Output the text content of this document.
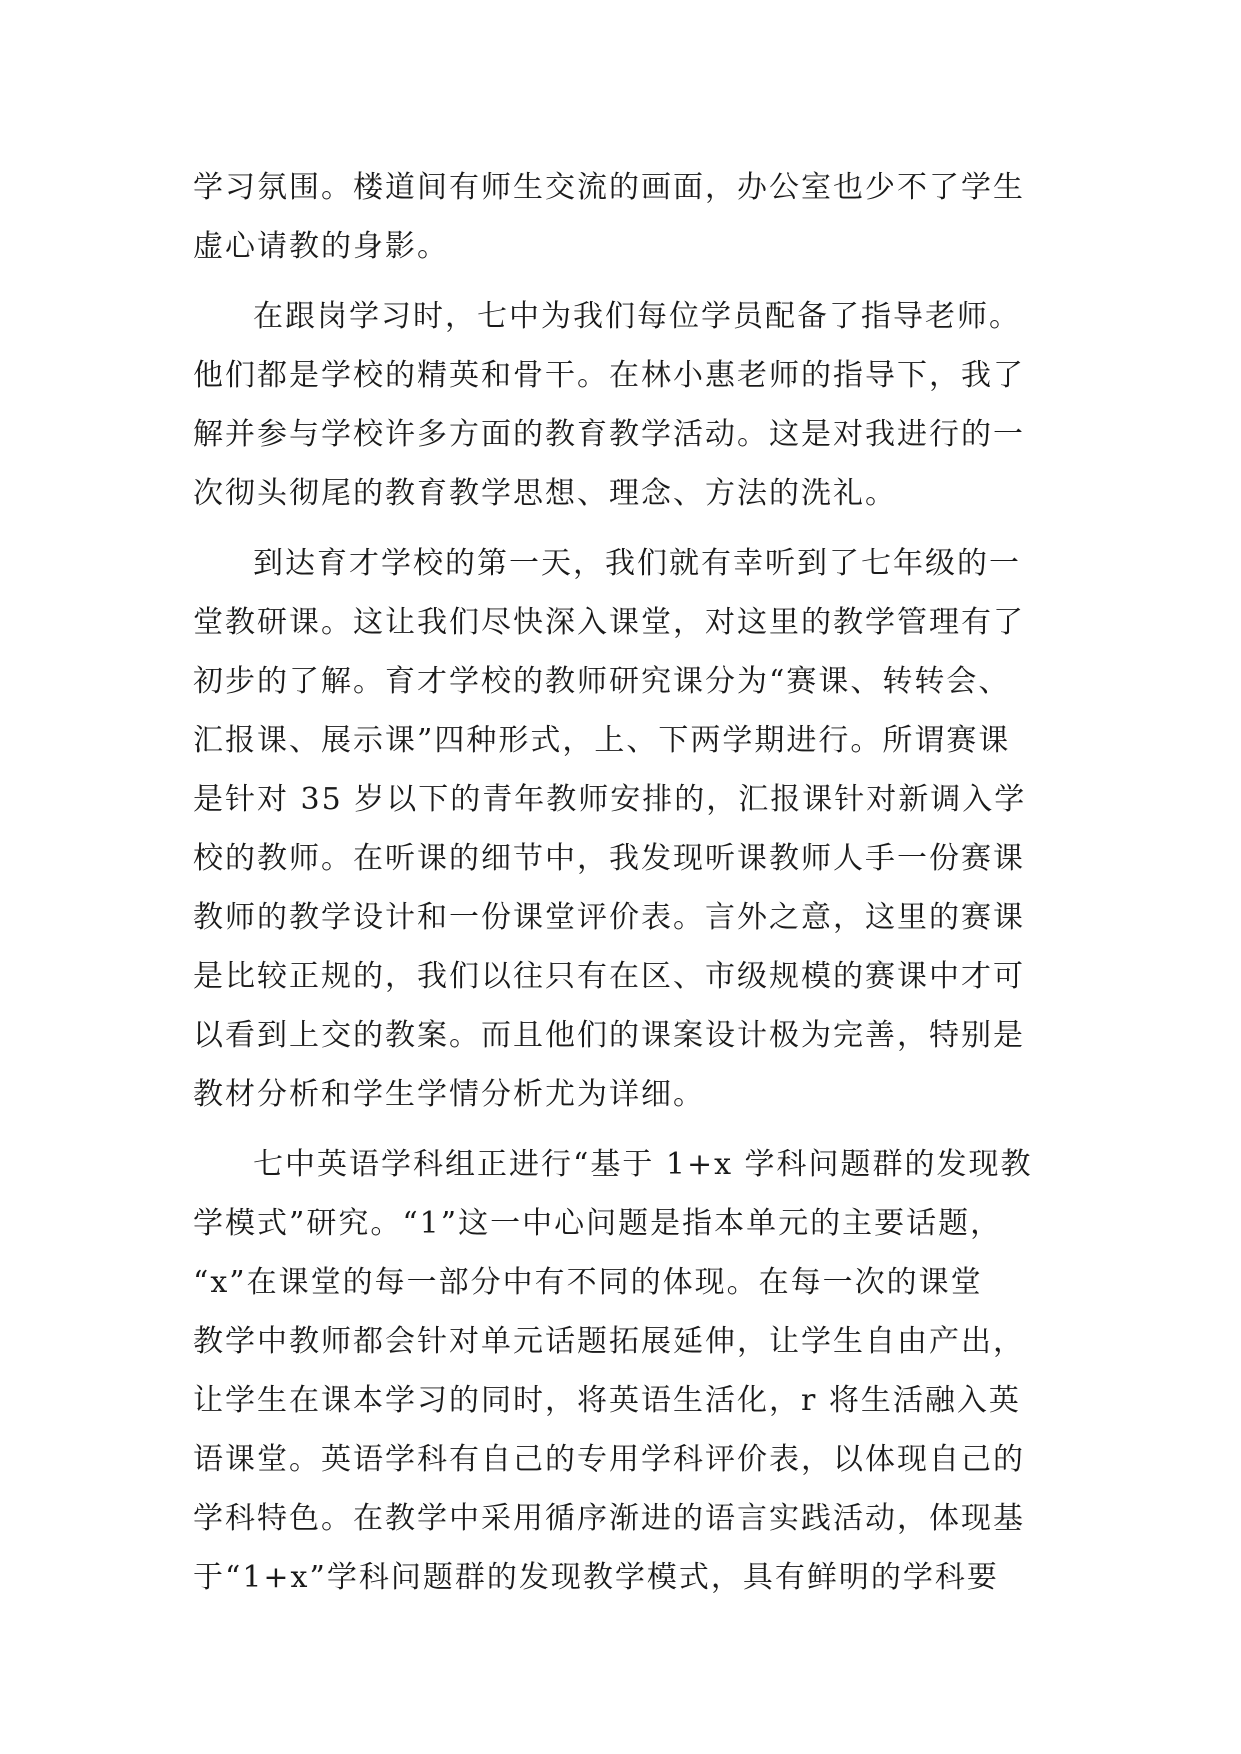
学习氛围。楼道间有师生交流的画面，办公室也少不了学生
虚心请教的身影。
在跟岗学习时，七中为我们每位学员配备了指导老师。
他们都是学校的精英和骨干。在林小惠老师的指导下，我了
解并参与学校许多方面的教育教学活动。这是对我进行的一
次彻头彻尾的教育教学思想、理念、方法的洗礼。
到达育才学校的第一天，我们就有幸听到了七年级的一
堂教研课。这让我们尽快深入课堂，对这里的教学管理有了
初步的了解。育才学校的教师研究课分为“赛课、转转会、
汇报课、展示课”四种形式，上、下两学期进行。所谓赛课
是针对 35 岁以下的青年教师安排的，汇报课针对新调入学
校的教师。在听课的细节中，我发现听课教师人手一份赛课
教师的教学设计和一份课堂评价表。言外之意，这里的赛课
是比较正规的，我们以往只有在区、市级规模的赛课中才可
以看到上交的教案。而且他们的课案设计极为完善，特别是
教材分析和学生学情分析尤为详细。
七中英语学科组正进行“基于 1+x 学科问题群的发现教
学模式”研究。“1”这一中心问题是指本单元的主要话题，
“x”在课堂的每一部分中有不同的体现。在每一次的课堂
教学中教师都会针对单元话题拓展延伸，让学生自由产出，
让学生在课本学习的同时，将英语生活化，r 将生活融入英
语课堂。英语学科有自己的专用学科评价表，以体现自己的
学科特色。在教学中采用循序渐进的语言实践活动，体现基
于“1+x”学科问题群的发现教学模式，具有鲜明的学科要
